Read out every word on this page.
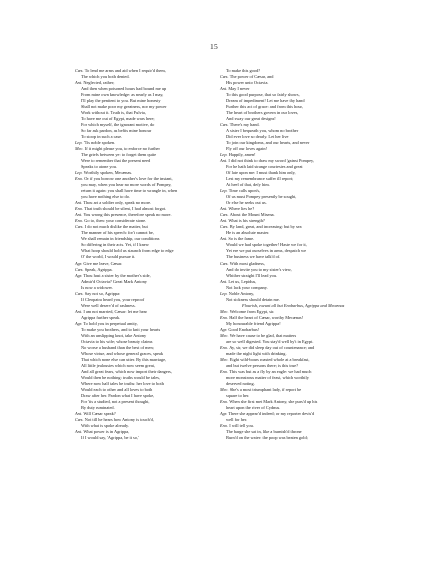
15
Cæs.To lend me arms and aid when I requir'd them,
The which you both denied.
Ant.Neglected, rather;
And then when poisoned hours had bound me up
From mine own knowledge: as nearly as I may,
I'll play the penitent to you. But mine honesty
Shall not make poor my greatness, nor my power
Work without it. Truth is, that Fulvia,
To have me out of Egypt, made wars here;
For which myself, the ignorant motive, do
So far ask pardon, as befits mine honour
To stoop in such a case.
Lep.'Tis noble spoken.
Mec.If it might please you, to enforce no further
The griefs between ye: to forget them quite
Were to remember that the present need
Speaks to atone you.
Lep.Worthily spoken, Mecænas.
Eno.Or if you borrow one another's love for the instant,
you may, when you hear no more words of Pompey,
return it again: you shall have time to wrangle in, when
you have nothing else to do.
Ant.Thou art a soldier only, speak no more.
Eno.That truth should be silent, I had almost forgot.
Ant.You wrong this presence, therefore speak no more.
Eno.Go to, then: your considerate stone.
Cæs.I do not much dislike the matter, but
The manner of his speech: for't cannot be,
We shall remain in friendship, our conditions
So differing in their acts. Yet, if I knew
What hoop should hold us staunch from edge to edge
O' the world, I would pursue it.
Agr.Give me leave, Cæsar.
Cæs.Speak, Agrippa.
Agr.Thou hast a sister by the mother's side,
Admir'd Octavia? Great Mark Antony
Is now a widower.
Cæs.Say not so, Agrippa:
If Cleopatra heard you, your reproof
Were well deserv'd of rashness.
Ant.I am not married, Cæsar: let me hear
Agrippa further speak.
Agr.To hold you in perpetual amity,
To make you brothers, and to knit your hearts
With an unslipping knot, take Antony
Octavia to his wife; whose beauty claims
No worse a husband than the best of men;
Whose virtue, and whose general graces, speak
That which none else can utter. By this marriage,
All little jealousies which now seem great,
And all great fears, which now import their dangers,
Would then be nothing: truths would be tales,
Where now half tales be truths: her love to both
Would each to other and all loves to both
Draw after her. Pardon what I have spoke,
For 'tis a studied, not a present thought,
By duty ruminated.
Ant.Will Cæsar speak?
Cæs.Not till he hears how Antony is touch'd,
With what is spoke already.
Ant.What power is in Agrippa,
If I would say, 'Agrippa, be it so,'
To make this good?
Cæs.The power of Cæsar, and
His power unto Octavia.
Ant.May I never
To this good purpose, that so fairly shows,
Dream of impediment! Let me have thy hand
Further this act of grace: and from this hour,
The heart of brothers govern in our loves,
And sway our great designs!
Cæs.There's my hand.
A sister I bequeath you, whom no brother
Did ever love so dearly. Let her live
To join our kingdoms, and our hearts, and never
Fly off our loves again!
Lep.Happily, amen!
Ant.I did not think to draw my sword 'gainst Pompey,
For he hath laid strange courtesies and great
Of late upon me: I must thank him only,
Lest my remembrance suffer ill report;
At heel of that, defy him.
Lep.Time calls upon's,
Of us must Pompey presently be sought,
Or else he seeks out us.
Ant.Where lies he?
Cæs.About the Mount Misena.
Ant.What is his strength?
Cæs.By land, great, and increasing: but by sea
He is an absolute master.
Ant.So is the fame.
Would we had spoke together! Haste we for it,
Yet ere we put ourselves in arms, despatch we
The business we have talk'd of.
Cæs.With most gladness,
And do invite you to my sister's view,
Whither straight I'll lead you.
Ant.Let us, Lepidus,
Not lack your company.
Lep.Noble Antony,
Not sickness should detain me.
Flourish, exeunt all but Enobarbus, Agrippa and Mecænas
Mec.Welcome from Egypt, sir.
Eno.Half the heart of Cæsar, worthy Mecænas!
My honourable friend Agrippa!
Agr.Good Enobarbus!
Mec.We have cause to be glad, that matters
are so well digested. You stay'd well by't in Egypt.
Eno.Ay, sir, we did sleep day out of countenance; and
made the night light with drinking.
Mec.Eight wild-boars roasted whole at a breakfast,
and but twelve persons there; is this true?
Eno.This was but as a fly by an eagle: we had much
more monstrous matter of feast, which worthily
deserved noting.
Mec.She's a most triumphant lady, if report be
square to her.
Eno.When she first met Mark Antony, she purs'd up his
heart upon the river of Cydnus.
Agr.There she appear'd indeed; or my reporter devis'd
well for her.
Eno.I will tell you.
The barge she sat in, like a burnish'd throne
Burn'd on the water: the poop was beaten gold;
